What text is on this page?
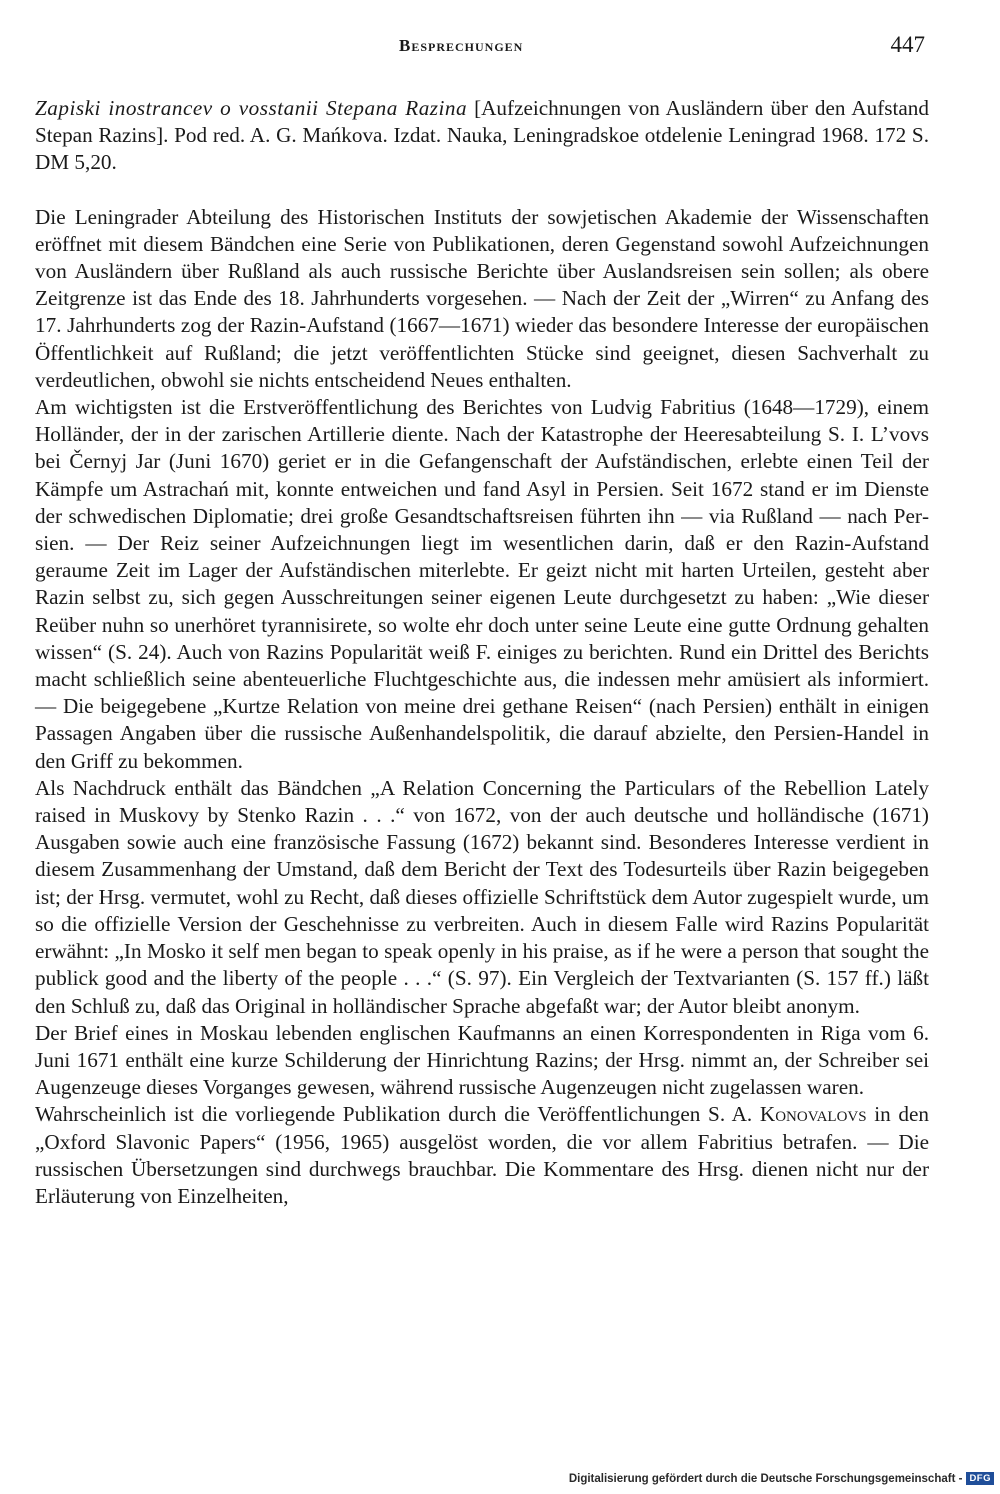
Besprechungen	447

Zapiski inostrancev o vosstanii Stepana Razina [Aufzeichnungen von Ausländern über den Aufstand Stepan Razins]. Pod red. A. G. Mańkova. Izdat. Nauka, Leningradskoe otdelenie Leningrad 1968. 172 S. DM 5,20.

Die Leningrader Abteilung des Historischen Instituts der sowjetischen Akademie der Wissenschaften eröffnet mit diesem Bändchen eine Serie von Publikationen, deren Gegenstand sowohl Aufzeichnungen von Ausländern über Rußland als auch russische Berichte über Auslandsreisen sein sollen; als obere Zeitgrenze ist das Ende des 18. Jahrhunderts vorgesehen. — Nach der Zeit der „Wirren“ zu Anfang des 17. Jahrhunderts zog der Razin-Aufstand (1667—1671) wieder das besondere Interesse der europäischen Öffentlichkeit auf Rußland; die jetzt veröffentlichten Stücke sind geeignet, diesen Sachverhalt zu verdeutlichen, obwohl sie nichts entscheidend Neues enthalten.

Am wichtigsten ist die Erstveröffentlichung des Berichtes von Ludvig Fabritius (1648—1729), einem Holländer, der in der zarischen Artillerie diente. Nach der Katastrophe der Heeresabteilung S. I. L’vovs bei Černyj Jar (Juni 1670) geriet er in die Gefangenschaft der Aufständischen, erlebte einen Teil der Kämpfe um Astrachań mit, konnte entweichen und fand Asyl in Persien. Seit 1672 stand er im Dienste der schwedischen Diplomatie; drei große Gesandtschaftsreisen führten ihn — via Rußland — nach Persien. — Der Reiz seiner Aufzeichnungen liegt im wesentlichen darin, daß er den Razin-Aufstand geraume Zeit im Lager der Aufständischen miterlebte. Er geizt nicht mit harten Urteilen, gesteht aber Razin selbst zu, sich gegen Ausschreitungen seiner eigenen Leute durchgesetzt zu haben: „Wie dieser Reüber nuhn so unerhöret tyrannisirete, so wolte ehr doch unter seine Leute eine gutte Ordnung gehalten wissen“ (S. 24). Auch von Razins Popularität weiß F. einiges zu berichten. Rund ein Drittel des Berichts macht schließlich seine abenteuerliche Fluchtgeschichte aus, die indessen mehr amüsiert als informiert. — Die beigegebene „Kurtze Relation von meine drei gethane Reisen“ (nach Persien) enthält in einigen Passagen Angaben über die russische Außenhandelspolitik, die darauf abzielte, den Persien-Handel in den Griff zu bekommen.

Als Nachdruck enthält das Bändchen „A Relation Concerning the Particulars of the Rebellion Lately raised in Muskovy by Stenko Razin . . .“ von 1672, von der auch deutsche und holländische (1671) Ausgaben sowie auch eine französische Fassung (1672) bekannt sind. Besonderes Interesse verdient in diesem Zusammenhang der Umstand, daß dem Bericht der Text des Todesurteils über Razin beigegeben ist; der Hrsg. vermutet, wohl zu Recht, daß dieses offizielle Schriftstück dem Autor zugespielt wurde, um so die offizielle Version der Geschehnisse zu verbreiten. Auch in diesem Falle wird Razins Popularität erwähnt: „In Mosko it self men began to speak openly in his praise, as if he were a person that sought the publick good and the liberty of the people . . .“ (S. 97). Ein Vergleich der Textvarianten (S. 157 ff.) läßt den Schluß zu, daß das Original in holländischer Sprache abgefaßt war; der Autor bleibt anonym.

Der Brief eines in Moskau lebenden englischen Kaufmanns an einen Korrespondenten in Riga vom 6. Juni 1671 enthält eine kurze Schilderung der Hinrichtung Razins; der Hrsg. nimmt an, der Schreiber sei Augenzeuge dieses Vorganges gewesen, während russische Augenzeugen nicht zugelassen waren.

Wahrscheinlich ist die vorliegende Publikation durch die Veröffentlichungen S. A. Konovalovs in den „Oxford Slavonic Papers“ (1956, 1965) ausgelöst worden, die vor allem Fabritius betrafen. — Die russischen Übersetzungen sind durchwegs brauchbar. Die Kommentare des Hrsg. dienen nicht nur der Erläuterung von Einzelheiten,

Digitalisierung gefördert durch die Deutsche Forschungsgemeinschaft - DFG
